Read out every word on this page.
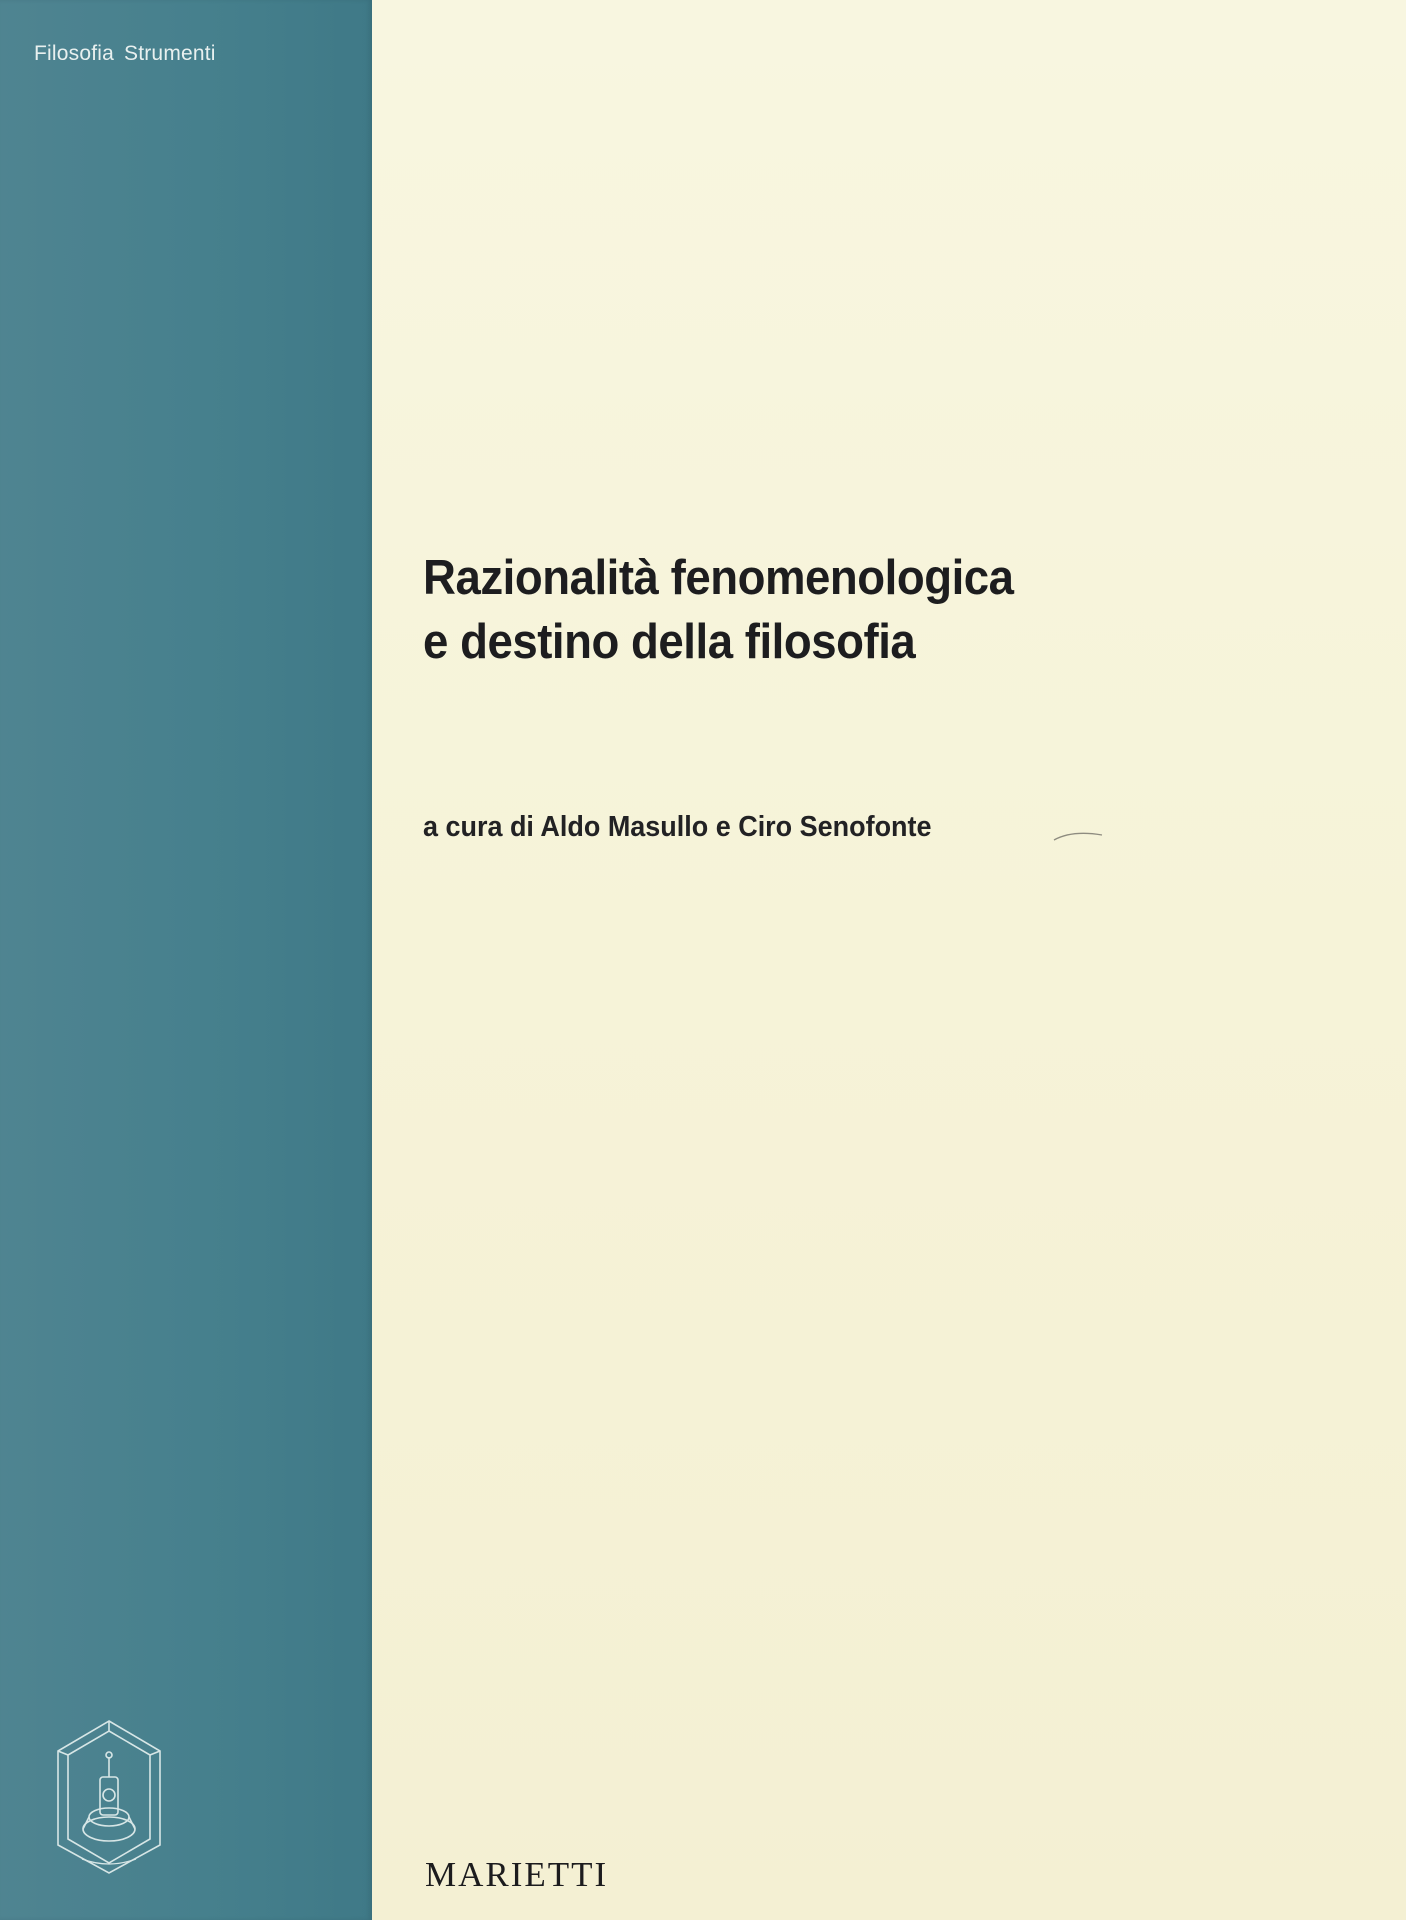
Filosofia Strumenti

Razionalità fenomenologica
e destino della filosofia

a cura di Aldo Masullo e Ciro Senofonte

MARIETTI
